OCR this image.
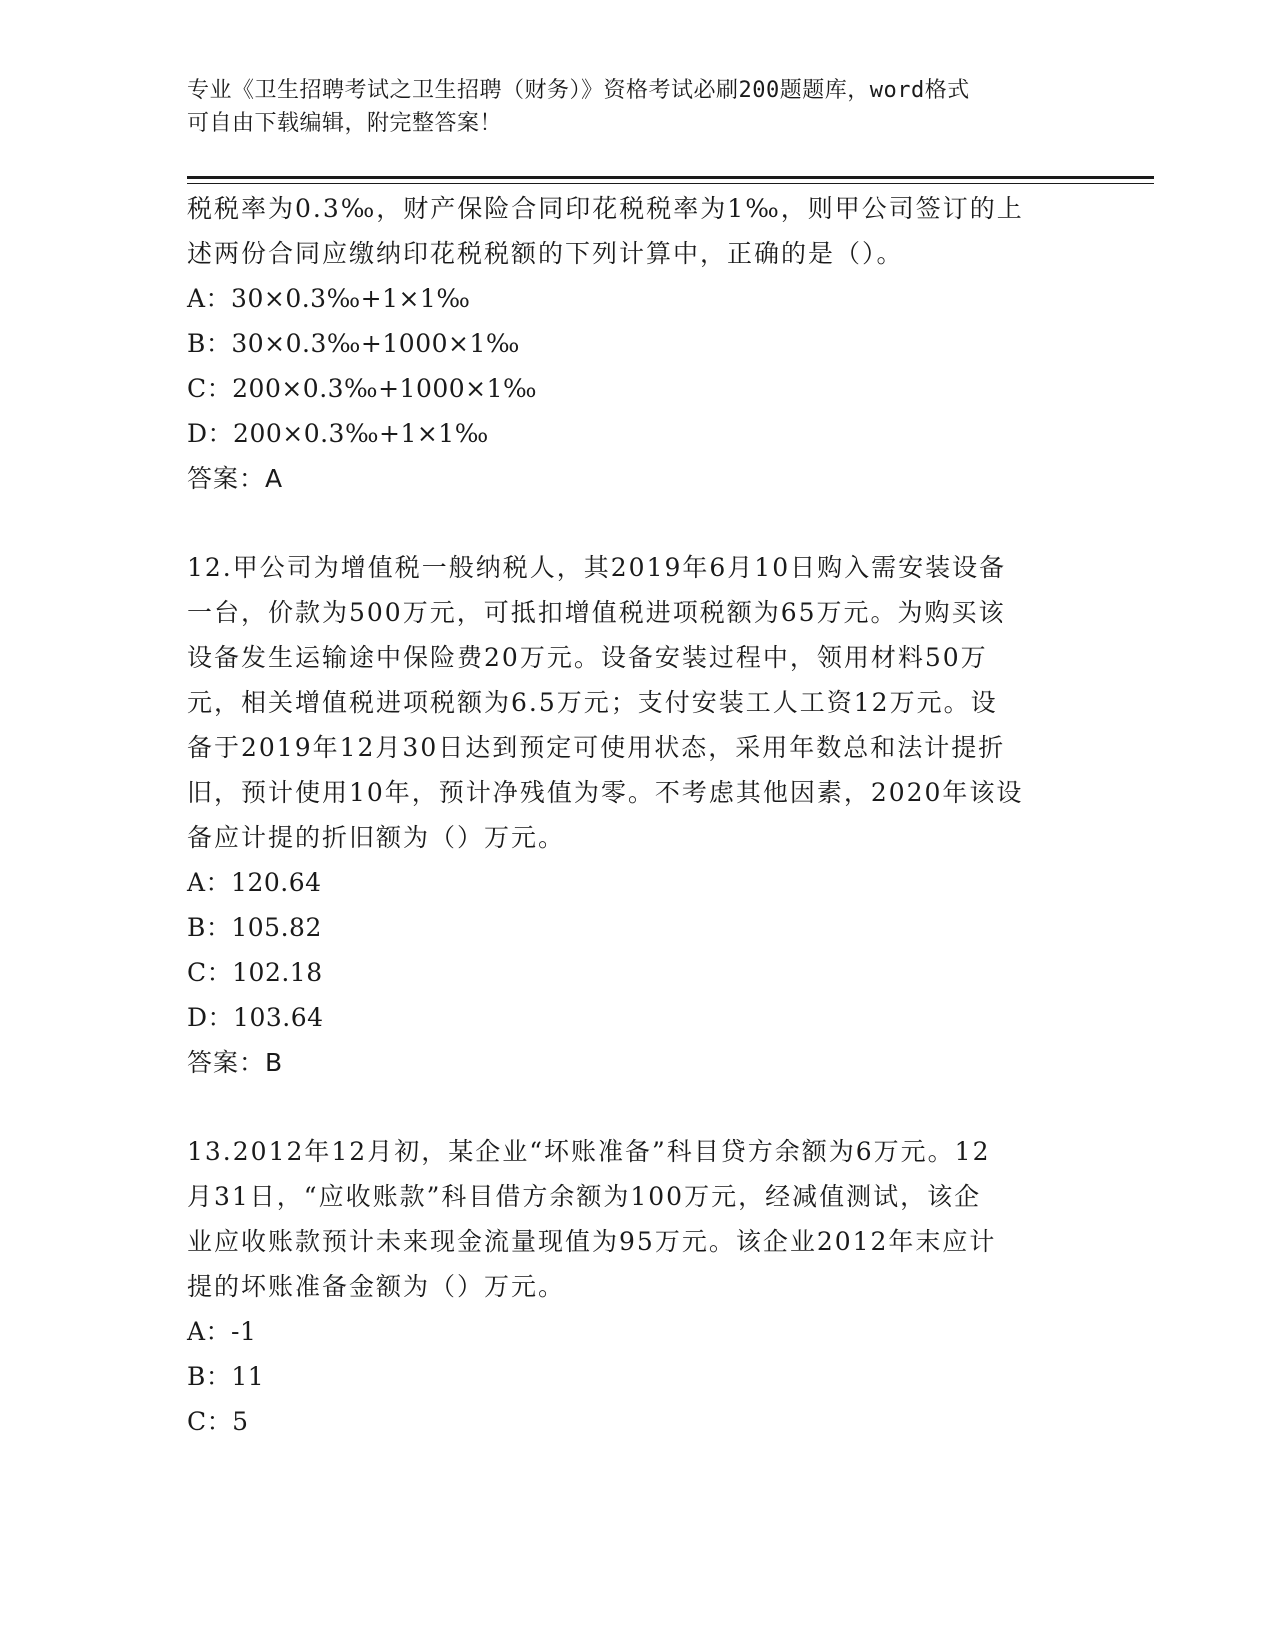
专业《卫生招聘考试之卫生招聘（财务）》资格考试必刷200题题库，word格式
可自由下载编辑，附完整答案！
税税率为0.3‰，财产保险合同印花税税率为1‰，则甲公司签订的上
述两份合同应缴纳印花税税额的下列计算中，正确的是（）。
A：30×0.3‰+1×1‰
B：30×0.3‰+1000×1‰
C：200×0.3‰+1000×1‰
D：200×0.3‰+1×1‰
答案：A
12.甲公司为增值税一般纳税人，其2019年6月10日购入需安装设备
一台，价款为500万元，可抵扣增值税进项税额为65万元。为购买该
设备发生运输途中保险费20万元。设备安装过程中，领用材料50万
元，相关增值税进项税额为6.5万元；支付安装工人工资12万元。设
备于2019年12月30日达到预定可使用状态，采用年数总和法计提折
旧，预计使用10年，预计净残值为零。不考虑其他因素，2020年该设
备应计提的折旧额为（）万元。
A：120.64
B：105.82
C：102.18
D：103.64
答案：B
13.2012年12月初，某企业“坏账准备”科目贷方余额为6万元。12
月31日，“应收账款”科目借方余额为100万元，经减值测试，该企
业应收账款预计未来现金流量现值为95万元。该企业2012年末应计
提的坏账准备金额为（）万元。
A：-1
B：11
C：5
